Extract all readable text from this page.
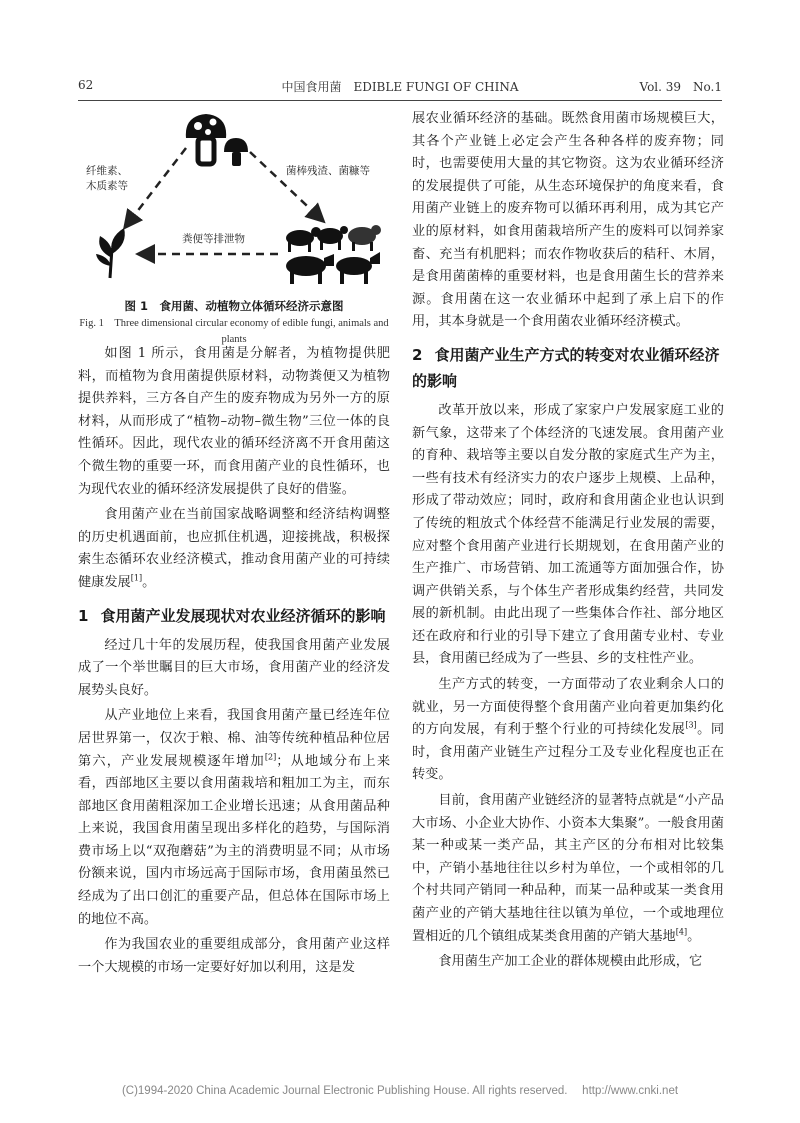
62	中国食用菌　EDIBLE FUNGI OF CHINA	Vol. 39　No.1
纤维素、
木质素等
菌棒残渣、菌糠等
粪便等排泄物
图 1　食用菌、动植物立体循环经济示意图
Fig. 1　Three dimensional circular economy of edible fungi, animals and plants

如图 1 所示，食用菌是分解者，为植物提供肥料，而植物为食用菌提供原材料，动物粪便又为植物提供养料，三方各自产生的废弃物成为另外一方的原材料，从而形成了“植物–动物–微生物”三位一体的良性循环。因此，现代农业的循环经济离不开食用菌这个微生物的重要一环，而食用菌产业的良性循环，也为现代农业的循环经济发展提供了良好的借鉴。

食用菌产业在当前国家战略调整和经济结构调整的历史机遇面前，也应抓住机遇，迎接挑战，积极探索生态循环农业经济模式，推动食用菌产业的可持续健康发展[1]。

1 食用菌产业发展现状对农业经济循环的影响

经过几十年的发展历程，使我国食用菌产业发展成了一个举世瞩目的巨大市场，食用菌产业的经济发展势头良好。

从产业地位上来看，我国食用菌产量已经连年位居世界第一，仅次于粮、棉、油等传统种植品种位居第六，产业发展规模逐年增加[2]；从地域分布上来看，西部地区主要以食用菌栽培和粗加工为主，而东部地区食用菌粗深加工企业增长迅速；从食用菌品种上来说，我国食用菌呈现出多样化的趋势，与国际消费市场上以“双孢蘑菇”为主的消费明显不同；从市场份额来说，国内市场远高于国际市场，食用菌虽然已经成为了出口创汇的重要产品，但总体在国际市场上的地位不高。

作为我国农业的重要组成部分，食用菌产业这样一个大规模的市场一定要好好加以利用，这是发

展农业循环经济的基础。既然食用菌市场规模巨大，其各个产业链上必定会产生各种各样的废弃物；同时，也需要使用大量的其它物资。这为农业循环经济的发展提供了可能，从生态环境保护的角度来看，食用菌产业链上的废弃物可以循环再利用，成为其它产业的原材料，如食用菌栽培所产生的废料可以饲养家畜、充当有机肥料；而农作物收获后的秸秆、木屑，是食用菌菌棒的重要材料，也是食用菌生长的营养来源。食用菌在这一农业循环中起到了承上启下的作用，其本身就是一个食用菌农业循环经济模式。

2 食用菌产业生产方式的转变对农业循环经济的影响

改革开放以来，形成了家家户户发展家庭工业的新气象，这带来了个体经济的飞速发展。食用菌产业的育种、栽培等主要以自发分散的家庭式生产为主，一些有技术有经济实力的农户逐步上规模、上品种，形成了带动效应；同时，政府和食用菌企业也认识到了传统的粗放式个体经营不能满足行业发展的需要，应对整个食用菌产业进行长期规划，在食用菌产业的生产推广、市场营销、加工流通等方面加强合作，协调产供销关系，与个体生产者形成集约经营，共同发展的新机制。由此出现了一些集体合作社、部分地区还在政府和行业的引导下建立了食用菌专业村、专业县，食用菌已经成为了一些县、乡的支柱性产业。

生产方式的转变，一方面带动了农业剩余人口的就业，另一方面使得整个食用菌产业向着更加集约化的方向发展，有利于整个行业的可持续化发展[3]。同时，食用菌产业链生产过程分工及专业化程度也正在转变。

目前，食用菌产业链经济的显著特点就是“小产品大市场、小企业大协作、小资本大集聚”。一般食用菌某一种或某一类产品，其主产区的分布相对比较集中，产销小基地往往以乡村为单位，一个或相邻的几个村共同产销同一种品种，而某一品种或某一类食用菌产业的产销大基地往往以镇为单位，一个或地理位置相近的几个镇组成某类食用菌的产销大基地[4]。

食用菌生产加工企业的群体规模由此形成，它

(C)1994-2020 China Academic Journal Electronic Publishing House. All rights reserved.　 http://www.cnki.net
